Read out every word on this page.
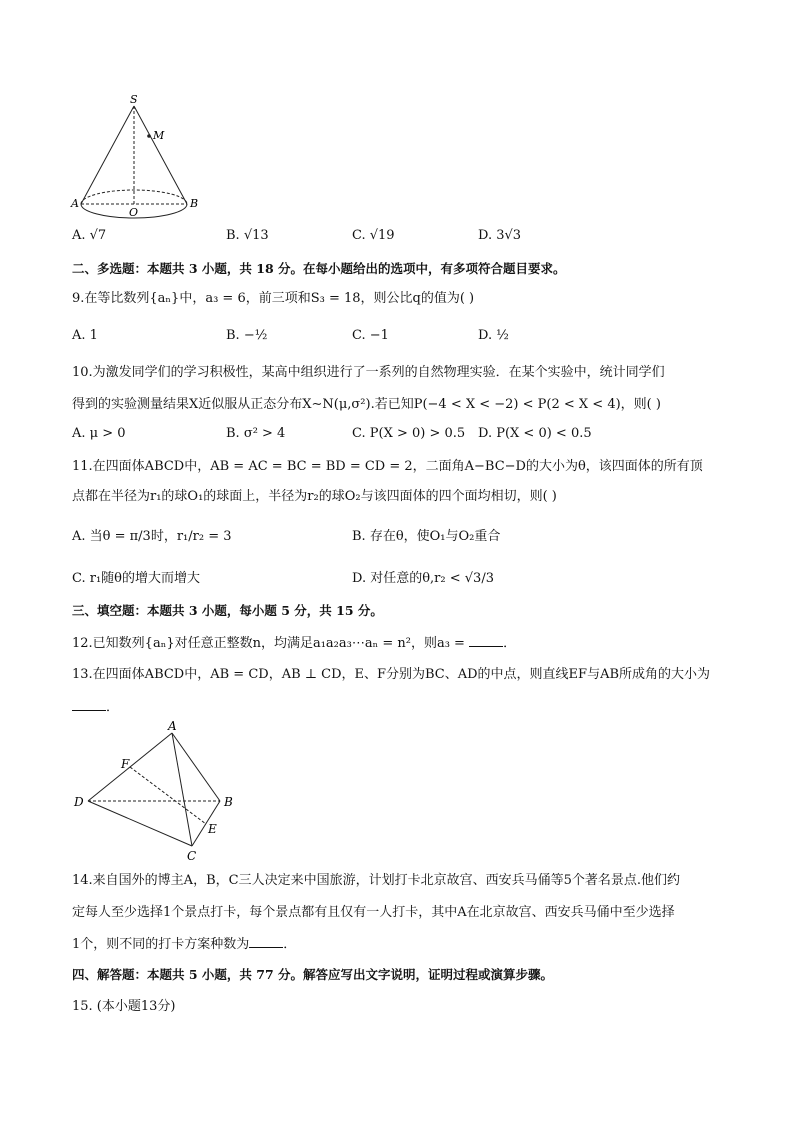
S
M
A
O
B
A. √7	B. √13	C. √19	D. 3√3
二、多选题：本题共 3 小题，共 18 分。在每小题给出的选项中，有多项符合题目要求。
9.在等比数列{aₙ}中，a₃ = 6，前三项和S₃ = 18，则公比q的值为( )
A. 1	B. −½	C. −1	D. ½
10.为激发同学们的学习积极性，某高中组织进行了一系列的自然物理实验．在某个实验中，统计同学们
得到的实验测量结果X近似服从正态分布X∼N(μ,σ²).若已知P(−4 < X < −2) < P(2 < X < 4)，则( )
A. μ > 0	B. σ² > 4	C. P(X > 0) > 0.5 D. P(X < 0) < 0.5
11.在四面体ABCD中，AB = AC = BC = BD = CD = 2，二面角A−BC−D的大小为θ，该四面体的所有顶
点都在半径为r₁的球O₁的球面上，半径为r₂的球O₂与该四面体的四个面均相切，则( )
A. 当θ = π/3时，r₁/r₂ = 3	B. 存在θ，使O₁与O₂重合
C. r₁随θ的增大而增大	D. 对任意的θ,r₂ < √3/3
三、填空题：本题共 3 小题，每小题 5 分，共 15 分。
12.已知数列{aₙ}对任意正整数n，均满足a₁a₂a₃⋯aₙ = n²，则a₃ =	．
13.在四面体ABCD中，AB = CD，AB ⊥ CD，E、F分别为BC、AD的中点，则直线EF与AB所成角的大小为
．
A
F
D	B
E
C
14.来自国外的博主A，B，C三人决定来中国旅游，计划打卡北京故宫、西安兵马俑等5个著名景点.他们约
定每人至少选择1个景点打卡，每个景点都有且仅有一人打卡，其中A在北京故宫、西安兵马俑中至少选择
1个，则不同的打卡方案种数为	．
四、解答题：本题共 5 小题，共 77 分。解答应写出文字说明，证明过程或演算步骤。
15. (本小题13分)
